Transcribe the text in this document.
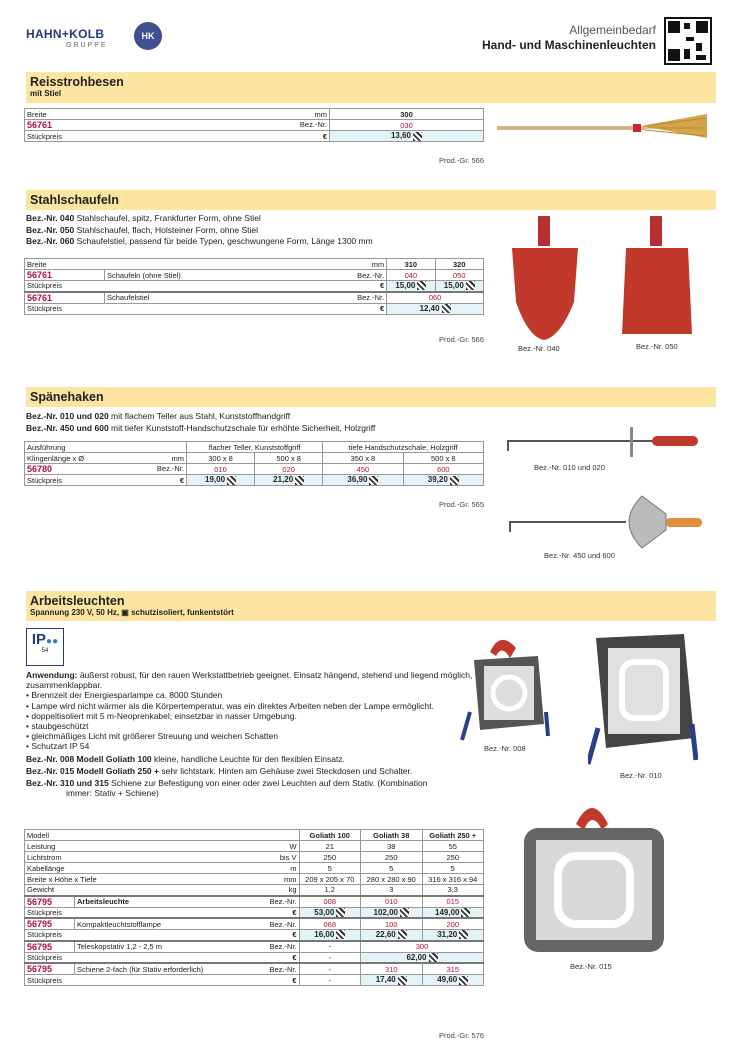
HAHN+KOLB
GRUPPE
HK	Allgemeinbedarf
Hand- und Maschinenleuchten
Reisstrohbesen
mit Stiel
Breite mm	300
56761 Bez.-Nr.	030
Stückpreis €	13,60
Prod.-Gr. 566
Stahlschaufeln
Bez.-Nr. 040 Stahlschaufel, spitz, Frankfurter Form, ohne Stiel
Bez.-Nr. 050 Stahlschaufel, flach, Holsteiner Form, ohne Stiel
Bez.-Nr. 060 Schaufelstiel, passend für beide Typen, geschwungene Form, Länge 1300 mm
Breite mm		310	320
56761	Schaufeln (ohne Stiel) Bez.-Nr.	040	050
Stückpreis €		15,00	15,00
56761	Schaufelstiel Bez.-Nr.	060	
Stückpreis €		12,40	
Prod.-Gr. 566
Bez.-Nr. 040	Bez.-Nr. 050
Spänehaken
Bez.-Nr. 010 und 020 mit flachem Teller aus Stahl, Kunststoffhandgriff
Bez.-Nr. 450 und 600 mit tiefer Kunststoff-Handschutzschale für erhöhte Sicherheit, Holzgriff
Ausführung	flacher Teller, Kunststoffgriff		tiefe Handschutzschale, Holzgriff	
Klingenlänge x Ø mm	300 x 8	500 x 8	350 x 8	500 x 8
56780 Bez.-Nr.	010	020	450	600
Stückpreis €	19,00	21,20	36,90	39,20
Prod.-Gr. 565
Bez.-Nr. 010 und 020
Bez.-Nr. 450 und 600
Arbeitsleuchten
Spannung 230 V, 50 Hz, ▣ schutzisoliert, funkentstört
IP●●
54
Anwendung: äußerst robust, für den rauen Werkstattbetrieb geeignet. Einsatz hängend, stehend und liegend möglich, zusammenklappbar.
• Brennzeit der Energiesparlampe ca. 8000 Stunden
• Lampe wird nicht wärmer als die Körpertemperatur, was ein direktes Arbeiten neben der Lampe ermöglicht.
• doppeltisoliert mit 5 m-Neoprenkabel; einsetzbar in nasser Umgebung.
• staubgeschützt
• gleichmäßiges Licht mit größerer Streuung und weichen Schatten
• Schutzart IP 54
Bez.-Nr. 008 Modell Goliath 100 kleine, handliche Leuchte für den flexiblen Einsatz.
Bez.-Nr. 015 Modell Goliath 250 + sehr lichtstark. Hinten am Gehäuse zwei Steckdosen und Schalter.
Bez.-Nr. 310 und 315 Schiene zur Befestigung von einer oder zwei Leuchten auf dem Stativ. (Kombination
immer: Stativ + Schiene)
Modell		Goliath 100	Goliath 38	Goliath 250 +
Leistung W		21	38	55
Lichtstrom bis V		250	250	250
Kabellänge m		5	5	5
Breite x Höhe x Tiefe mm		209 x 205 x 70	280 x 280 x 90	316 x 316 x 94
Gewicht kg		1,2	3	3,3
56795	Arbeitsleuchte Bez.-Nr.	008	010	015
Stückpreis €		53,00	102,00	149,00
56795	Kompaktleuchtstofflampe Bez.-Nr.	068	100	200
Stückpreis €		16,00	22,60	31,20
56795	Teleskopstativ 1,2 - 2,5 m Bez.-Nr.	-	300	
Stückpreis €		-	62,00	
56795	Schiene 2-fach (für Stativ erforderlich) Bez.-Nr.	-	310	315
Stückpreis €		-	17,40	49,60
Prod.-Gr. 576
Bez.-Nr. 008
Bez.-Nr. 010
Bez.-Nr. 015
